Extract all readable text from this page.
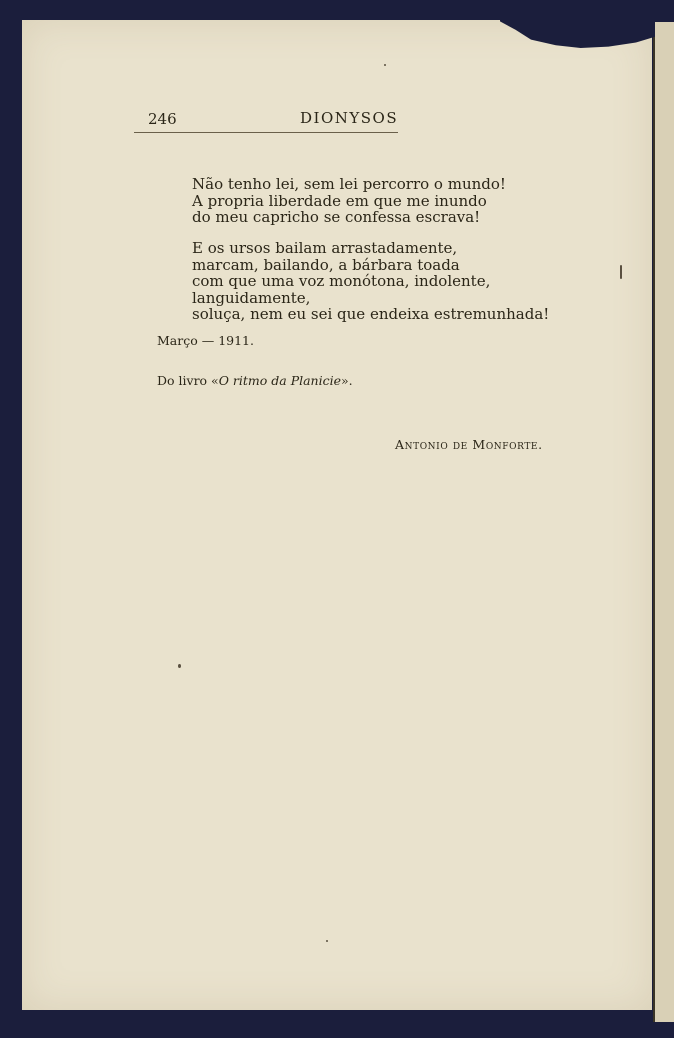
246	DIONYSOS
Não tenho lei, sem lei percorro o mundo!
A propria liberdade em que me inundo
do meu capricho se confessa escrava!
E os ursos bailam arrastadamente,
marcam, bailando, a bárbara toada
com que uma voz monótona, indolente,
languidamente,
soluça, nem eu sei que endeixa estremunhada!
Março — 1911.
Do livro «O ritmo da Planicie».
Antonio de Monforte.
